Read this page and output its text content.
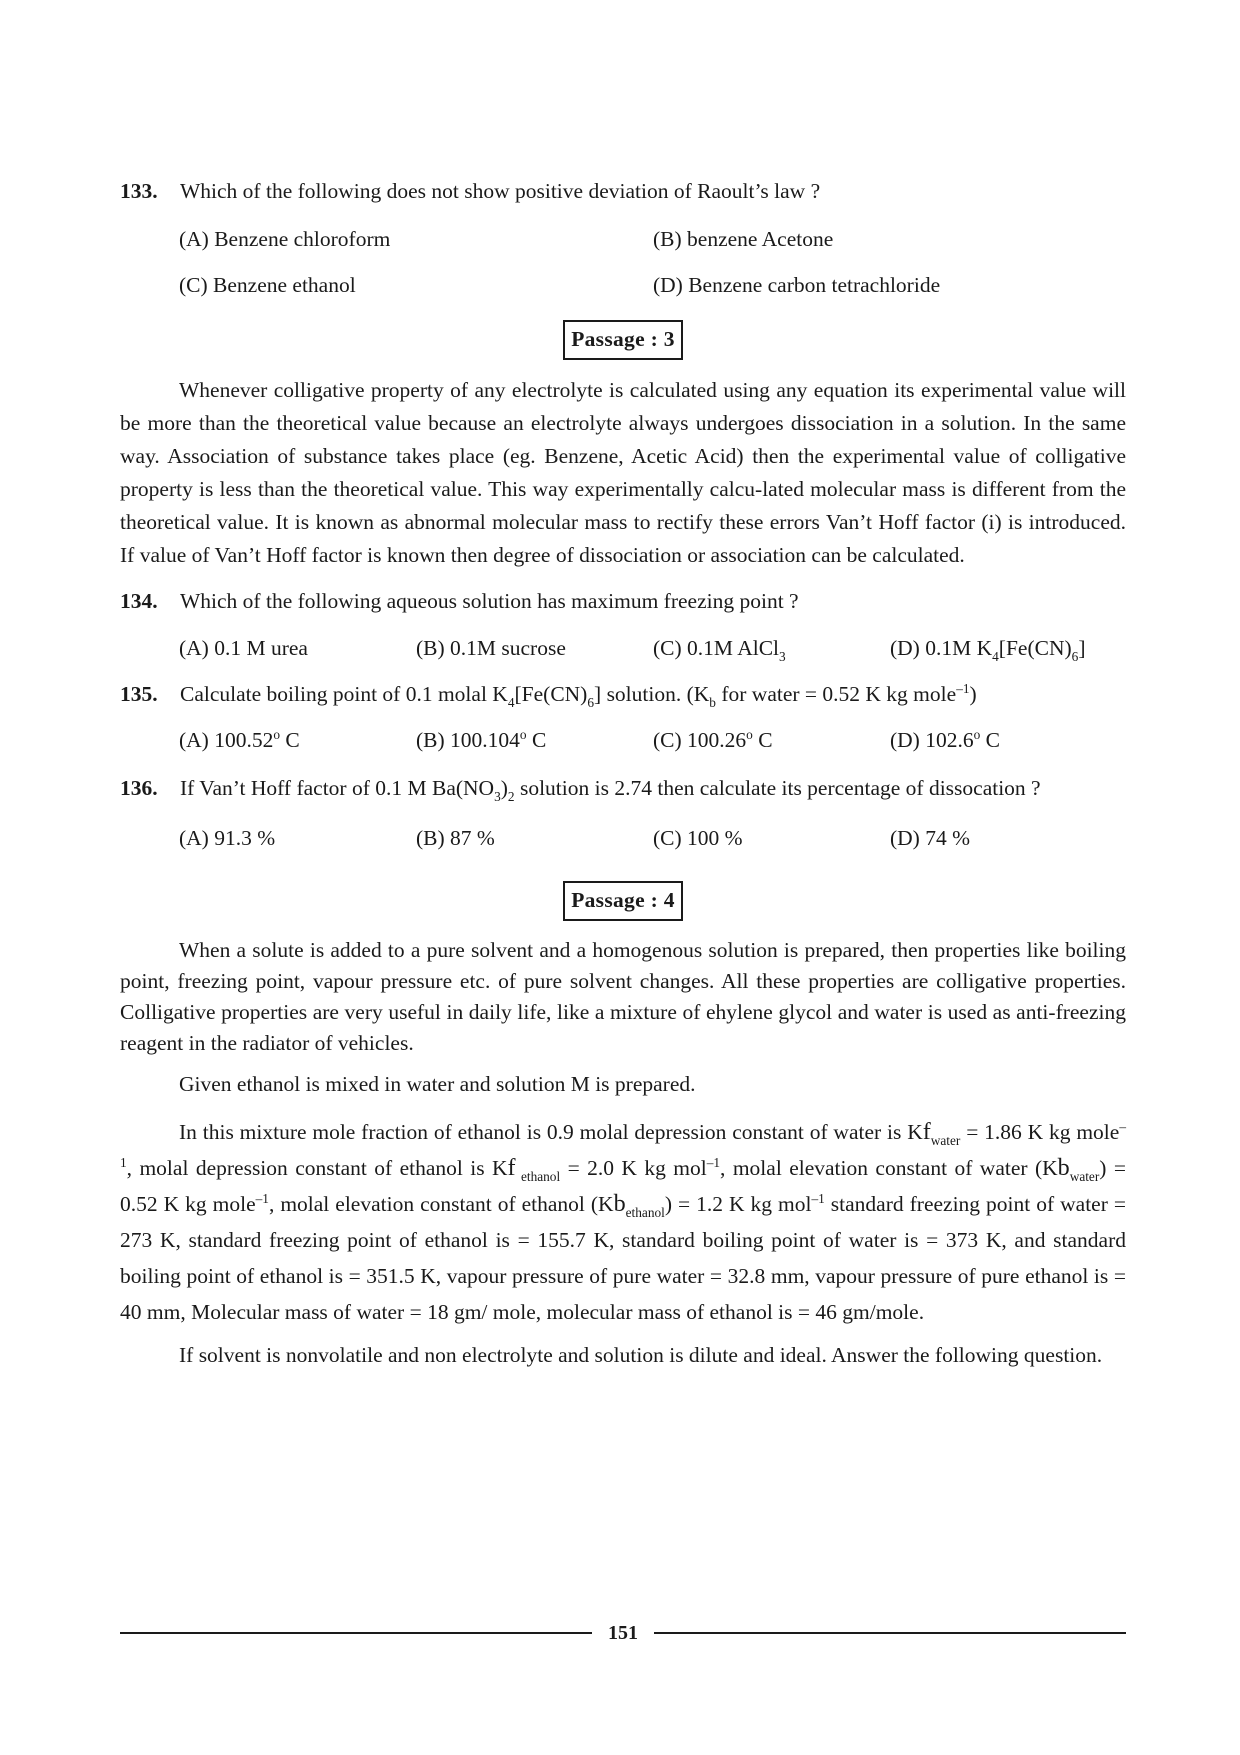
133. Which of the following does not show positive deviation of Raoult’s law ?
(A) Benzene chloroform	(B) benzene Acetone
(C) Benzene ethanol	(D) Benzene carbon tetrachloride
Passage : 3

Whenever colligative property of any electrolyte is calculated using any equation its experimental value will be more than the theoretical value because an electrolyte always undergoes dissociation in a solution. In the same way. Association of substance takes place (eg. Benzene, Acetic Acid) then the experimental value of colligative property is less than the theoretical value. This way experimentally calcu-lated molecular mass is different from the theoretical value. It is known as abnormal molecular mass to rectify these errors Van’t Hoff factor (i) is introduced. If value of Van’t Hoff factor is known then degree of dissociation or association can be calculated.

134. Which of the following aqueous solution has maximum freezing point ?
(A) 0.1 M urea	(B) 0.1M sucrose	(C) 0.1M AlCl$_3$	(D) 0.1M $K_4[Fe(CN)_6]$
135. Calculate boiling point of 0.1 molal $K_4[Fe(CN)_6]$ solution. ($K_b$ for water = 0.52 K kg mole$^{-1}$)
(A) 100.52$^o$ C	(B) 100.104$^o$ C	(C) 100.26$^o$ C	(D) 102.6$^o$ C
136. If Van’t Hoff factor of 0.1 M $Ba(NO_3)_2$ solution is 2.74 then calculate its percentage of dissocation ?
(A) 91.3 %	(B) 87 %	(C) 100 %	(D) 74 %
Passage : 4

When a solute is added to a pure solvent and a homogenous solution is prepared, then properties like boiling point, freezing point, vapour pressure etc. of pure solvent changes. All these properties are colligative properties. Colligative properties are very useful in daily life, like a mixture of ehylene glycol and water is used as anti-freezing reagent in the radiator of vehicles.

Given ethanol is mixed in water and solution M is prepared.

In this mixture mole fraction of ethanol is 0.9 molal depression constant of water is $Kf_{water} = 1.86$ K kg mole$^{-1}$, molal depression constant of ethanol is Kf $_{ethanol}$ = 2.0 K kg mol$^{-1}$, molal elevation constant of water $(Kb_{water}) = 0.52$ K kg mole$^{-1}$, molal elevation constant of ethanol $(Kb_{ethanol}) = 1.2$ K kg mol$^{-1}$ standard freezing point of water = 273 K, standard freezing point of ethanol is = 155.7 K, standard boiling point of water is = 373 K, and standard boiling point of ethanol is = 351.5 K, vapour pressure of pure water = 32.8 mm, vapour pressure of pure ethanol is = 40 mm, Molecular mass of water = 18 gm/ mole, molecular mass of ethanol is = 46 gm/mole.

If solvent is nonvolatile and non electrolyte and solution is dilute and ideal. Answer the following question.

151
